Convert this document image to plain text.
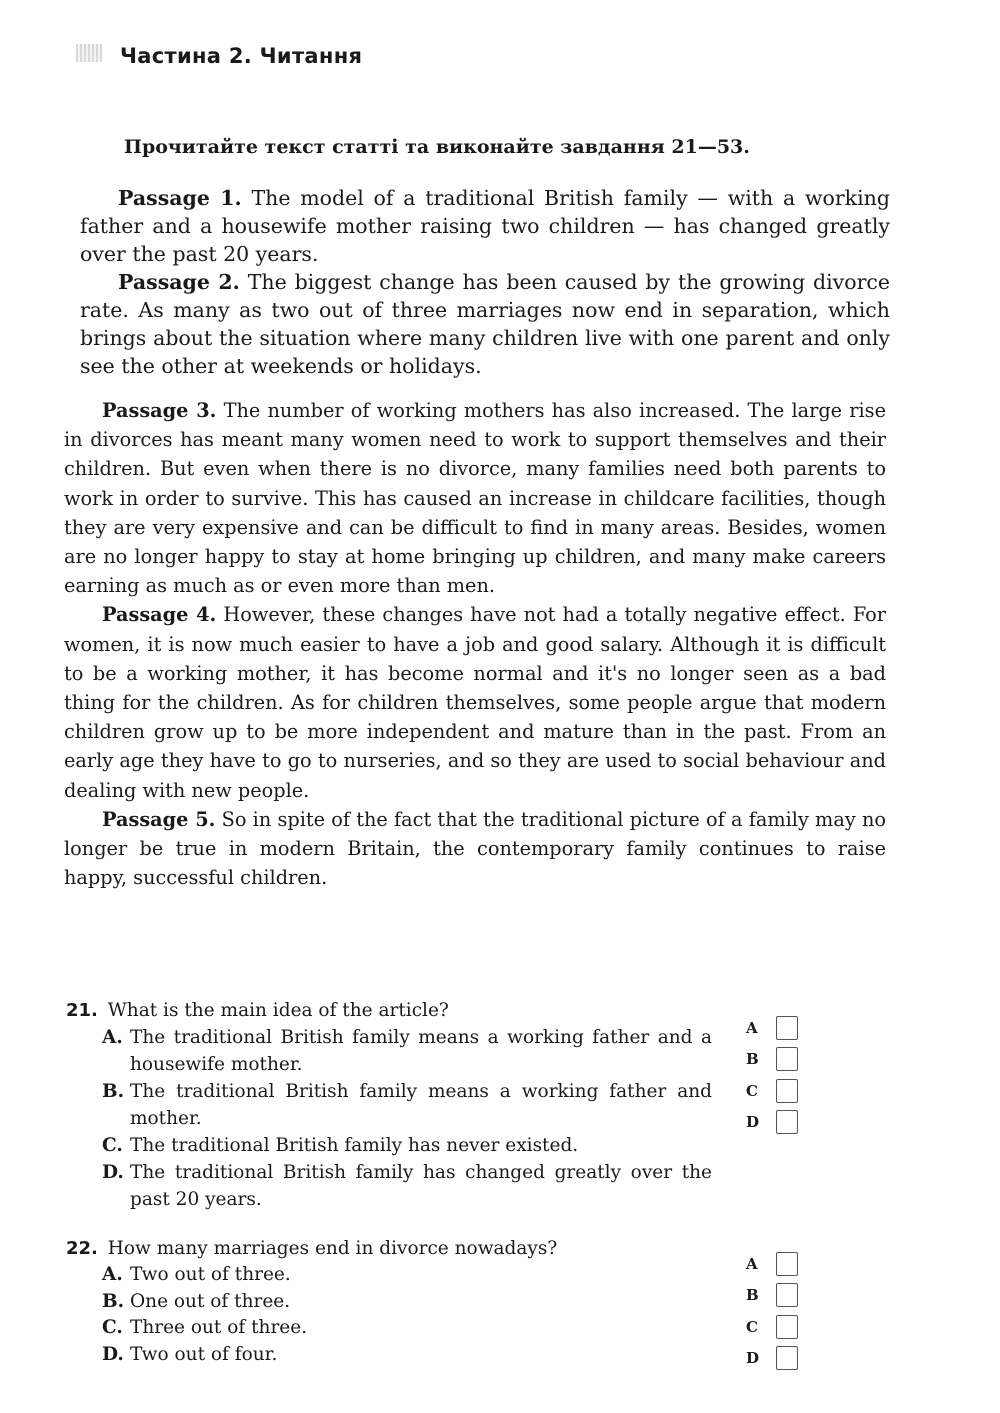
Частина 2. Читання
Прочитайте текст статті та виконайте завдання 21—53.

Passage 1. The model of a traditional British family — with a working father and a housewife mother raising two children — has changed greatly over the past 20 years.

Passage 2. The biggest change has been caused by the growing divorce rate. As many as two out of three marriages now end in separation, which brings about the situation where many children live with one parent and only see the other at weekends or holidays.

Passage 3. The number of working mothers has also increased. The large rise in divorces has meant many women need to work to support themselves and their children. But even when there is no divorce, many families need both parents to work in order to survive. This has caused an increase in childcare facilities, though they are very expensive and can be difficult to find in many areas. Besides, women are no longer happy to stay at home bringing up children, and many make careers earning as much as or even more than men.

Passage 4. However, these changes have not had a totally negative effect. For women, it is now much easier to have a job and good salary. Although it is difficult to be a working mother, it has become normal and it's no longer seen as a bad thing for the children. As for children themselves, some people argue that modern children grow up to be more independent and mature than in the past. From an early age they have to go to nurseries, and so they are used to social behaviour and dealing with new people.

Passage 5. So in spite of the fact that the traditional picture of a family may no longer be true in modern Britain, the contemporary family continues to raise happy, successful children.

21. What is the main idea of the article?
A. The traditional British family means a working father and a housewife mother.
B. The traditional British family means a working father and mother.
C. The traditional British family has never existed.
D. The traditional British family has changed greatly over the past 20 years.
A
B
C
D
22. How many marriages end in divorce nowadays?
A. Two out of three.
B. One out of three.
C. Three out of three.
D. Two out of four.
A
B
C
D
